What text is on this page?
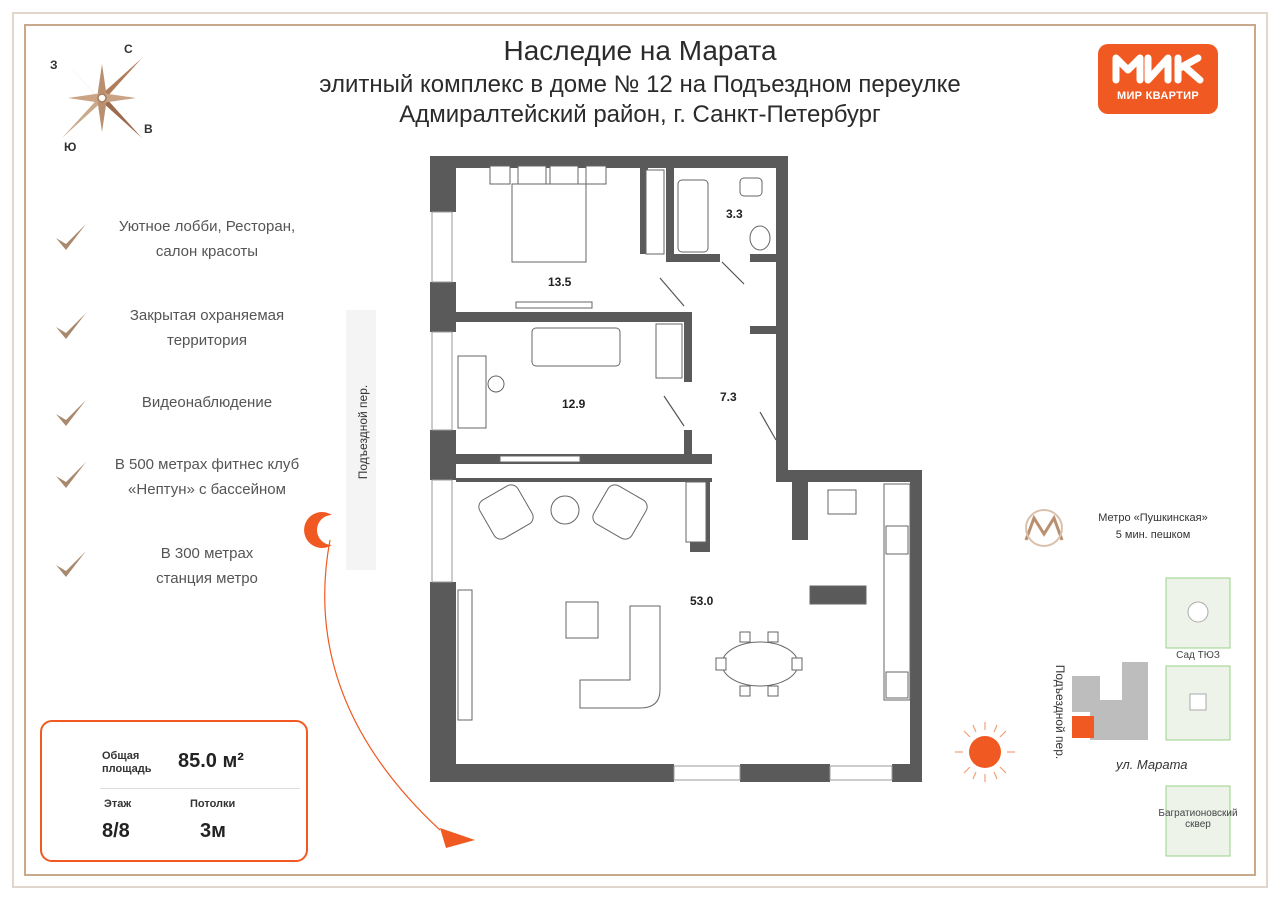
Наследие на Марата
элитный комплекс в доме № 12 на Подъездном переулке
Адмиралтейский район, г. Санкт-Петербург
МИР КВАРТИР
С
З
В
Ю
Уютное лобби, Ресторан,
салон красоты
Закрытая охраняемая
территория
Видеонаблюдение
В 500 метрах фитнес клуб
«Нептун» с бассейном
В 300 метрах
станция метро
Подъездной пер.
13.5
3.3
12.9	7.3
53.0
Общая
площадь 85.0 м²
Этаж
8/8
Потолки
3м
Метро «Пушкинская»
5 мин. пешком
Сад ТЮЗ
Багратионовский
сквер
ул. Марата
Подъездной пер.
